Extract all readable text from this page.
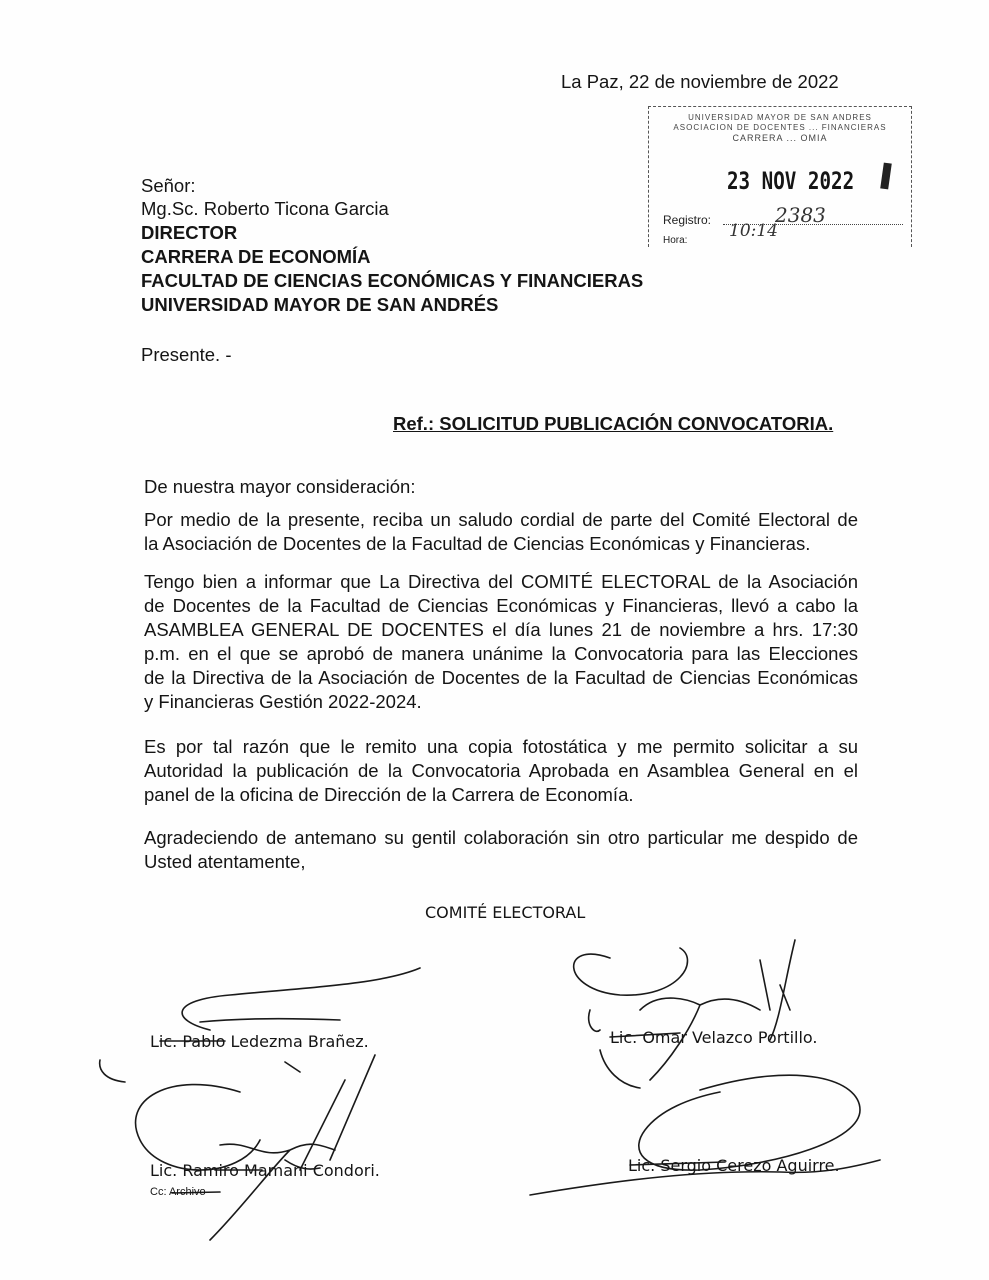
La Paz, 22 de noviembre de 2022
UNIVERSIDAD MAYOR DE SAN ANDRES
ASOCIACION DE DOCENTES ... FINANCIERAS
CARRERA ... OMIA
23 NOV 2022
Registro:	2383
Hora: 10:14
Señor:
Mg.Sc. Roberto Ticona Garcia
DIRECTOR
CARRERA DE ECONOMÍA
FACULTAD DE CIENCIAS ECONÓMICAS Y FINANCIERAS
UNIVERSIDAD MAYOR DE SAN ANDRÉS
Presente. -
Ref.: SOLICITUD PUBLICACIÓN CONVOCATORIA.
De nuestra mayor consideración:
Por medio de la presente, reciba un saludo cordial de parte del Comité Electoral de
la Asociación de Docentes de la Facultad de Ciencias Económicas y Financieras.
Tengo bien a informar que La Directiva del COMITÉ ELECTORAL de la Asociación
de Docentes de la Facultad de Ciencias Económicas y Financieras, llevó a cabo la
ASAMBLEA GENERAL DE DOCENTES el día lunes 21 de noviembre a hrs. 17:30
p.m. en el que se aprobó de manera unánime la Convocatoria para las Elecciones
de la Directiva de la Asociación de Docentes de la Facultad de Ciencias Económicas
y Financieras Gestión 2022-2024.
Es por tal razón que le remito una copia fotostática y me permito solicitar a su
Autoridad la publicación de la Convocatoria Aprobada en Asamblea General en el
panel de la oficina de Dirección de la Carrera de Economía.
Agradeciendo de antemano su gentil colaboración sin otro particular me despido de
Usted atentamente,
COMITÉ ELECTORAL
Lic. Pablo Ledezma Brañez.	Lic. Omar Velazco Portillo.
Lic. Ramiro Mamani Condori.	Lic. Sergio Cerezo Aguirre.
Cc: Archivo
